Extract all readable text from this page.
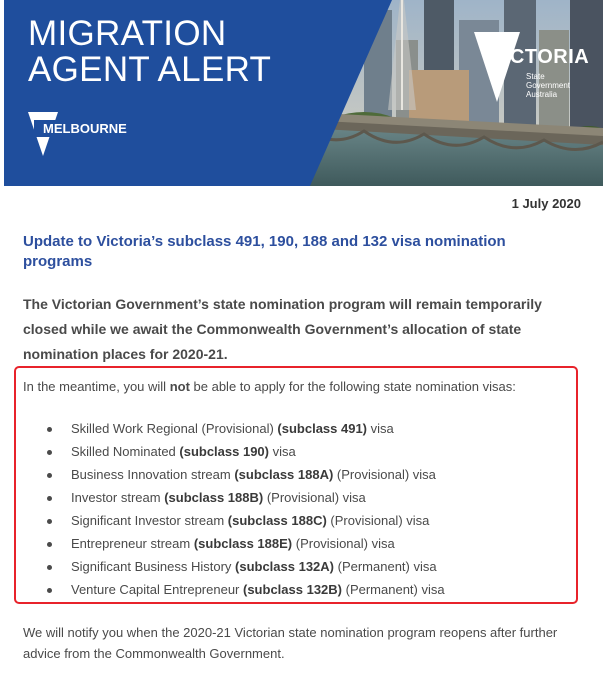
MIGRATION
AGENT ALERT
MELBOURNE
VICTORIA
State
Government
Australia
1 July 2020
Update to Victoria’s subclass 491, 190, 188 and 132 visa nomination programs

The Victorian Government’s state nomination program will remain temporarily closed while we await the Commonwealth Government’s allocation of state nomination places for 2020-21.

In the meantime, you will not be able to apply for the following state nomination visas:

Skilled Work Regional (Provisional) (subclass 491) visa
Skilled Nominated (subclass 190) visa
Business Innovation stream (subclass 188A) (Provisional) visa
Investor stream (subclass 188B) (Provisional) visa
Significant Investor stream (subclass 188C) (Provisional) visa
Entrepreneur stream (subclass 188E) (Provisional) visa
Significant Business History (subclass 132A) (Permanent) visa
Venture Capital Entrepreneur (subclass 132B) (Permanent) visa

We will notify you when the 2020-21 Victorian state nomination program reopens after further advice from the Commonwealth Government.
